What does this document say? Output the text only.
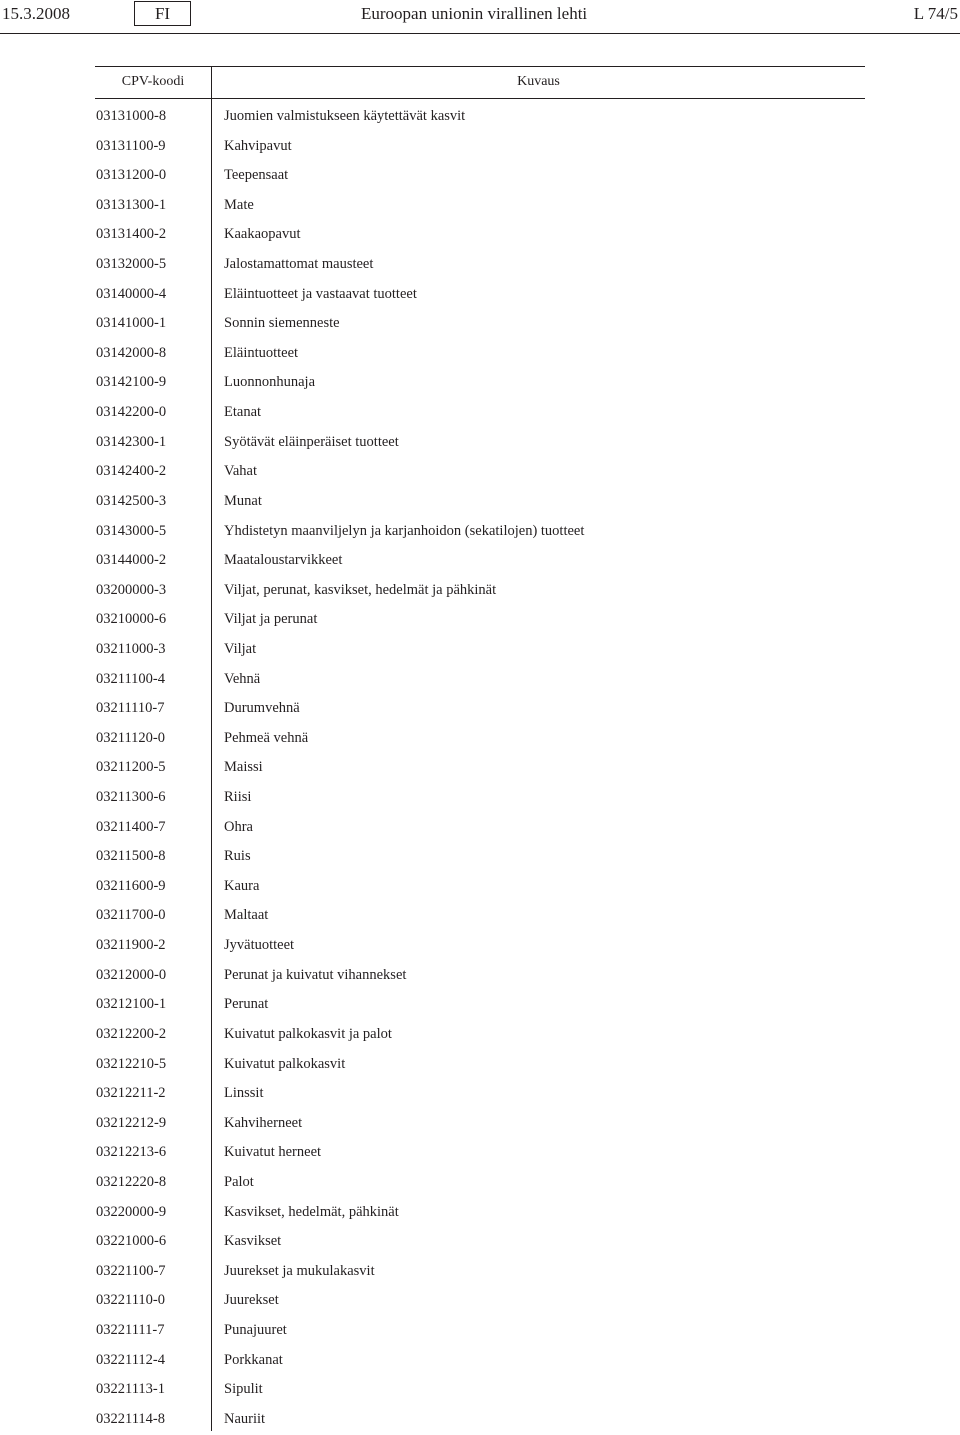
15.3.2008	FI	Euroopan unionin virallinen lehti	L 74/5
CPV-koodi	Kuvaus
03131000-8	Juomien valmistukseen käytettävät kasvit
03131100-9	Kahvipavut
03131200-0	Teepensaat
03131300-1	Mate
03131400-2	Kaakaopavut
03132000-5	Jalostamattomat mausteet
03140000-4	Eläintuotteet ja vastaavat tuotteet
03141000-1	Sonnin siemenneste
03142000-8	Eläintuotteet
03142100-9	Luonnonhunaja
03142200-0	Etanat
03142300-1	Syötävät eläinperäiset tuotteet
03142400-2	Vahat
03142500-3	Munat
03143000-5	Yhdistetyn maanviljelyn ja karjanhoidon (sekatilojen) tuotteet
03144000-2	Maataloustarvikkeet
03200000-3	Viljat, perunat, kasvikset, hedelmät ja pähkinät
03210000-6	Viljat ja perunat
03211000-3	Viljat
03211100-4	Vehnä
03211110-7	Durumvehnä
03211120-0	Pehmeä vehnä
03211200-5	Maissi
03211300-6	Riisi
03211400-7	Ohra
03211500-8	Ruis
03211600-9	Kaura
03211700-0	Maltaat
03211900-2	Jyvätuotteet
03212000-0	Perunat ja kuivatut vihannekset
03212100-1	Perunat
03212200-2	Kuivatut palkokasvit ja palot
03212210-5	Kuivatut palkokasvit
03212211-2	Linssit
03212212-9	Kahviherneet
03212213-6	Kuivatut herneet
03212220-8	Palot
03220000-9	Kasvikset, hedelmät, pähkinät
03221000-6	Kasvikset
03221100-7	Juurekset ja mukulakasvit
03221110-0	Juurekset
03221111-7	Punajuuret
03221112-4	Porkkanat
03221113-1	Sipulit
03221114-8	Nauriit
